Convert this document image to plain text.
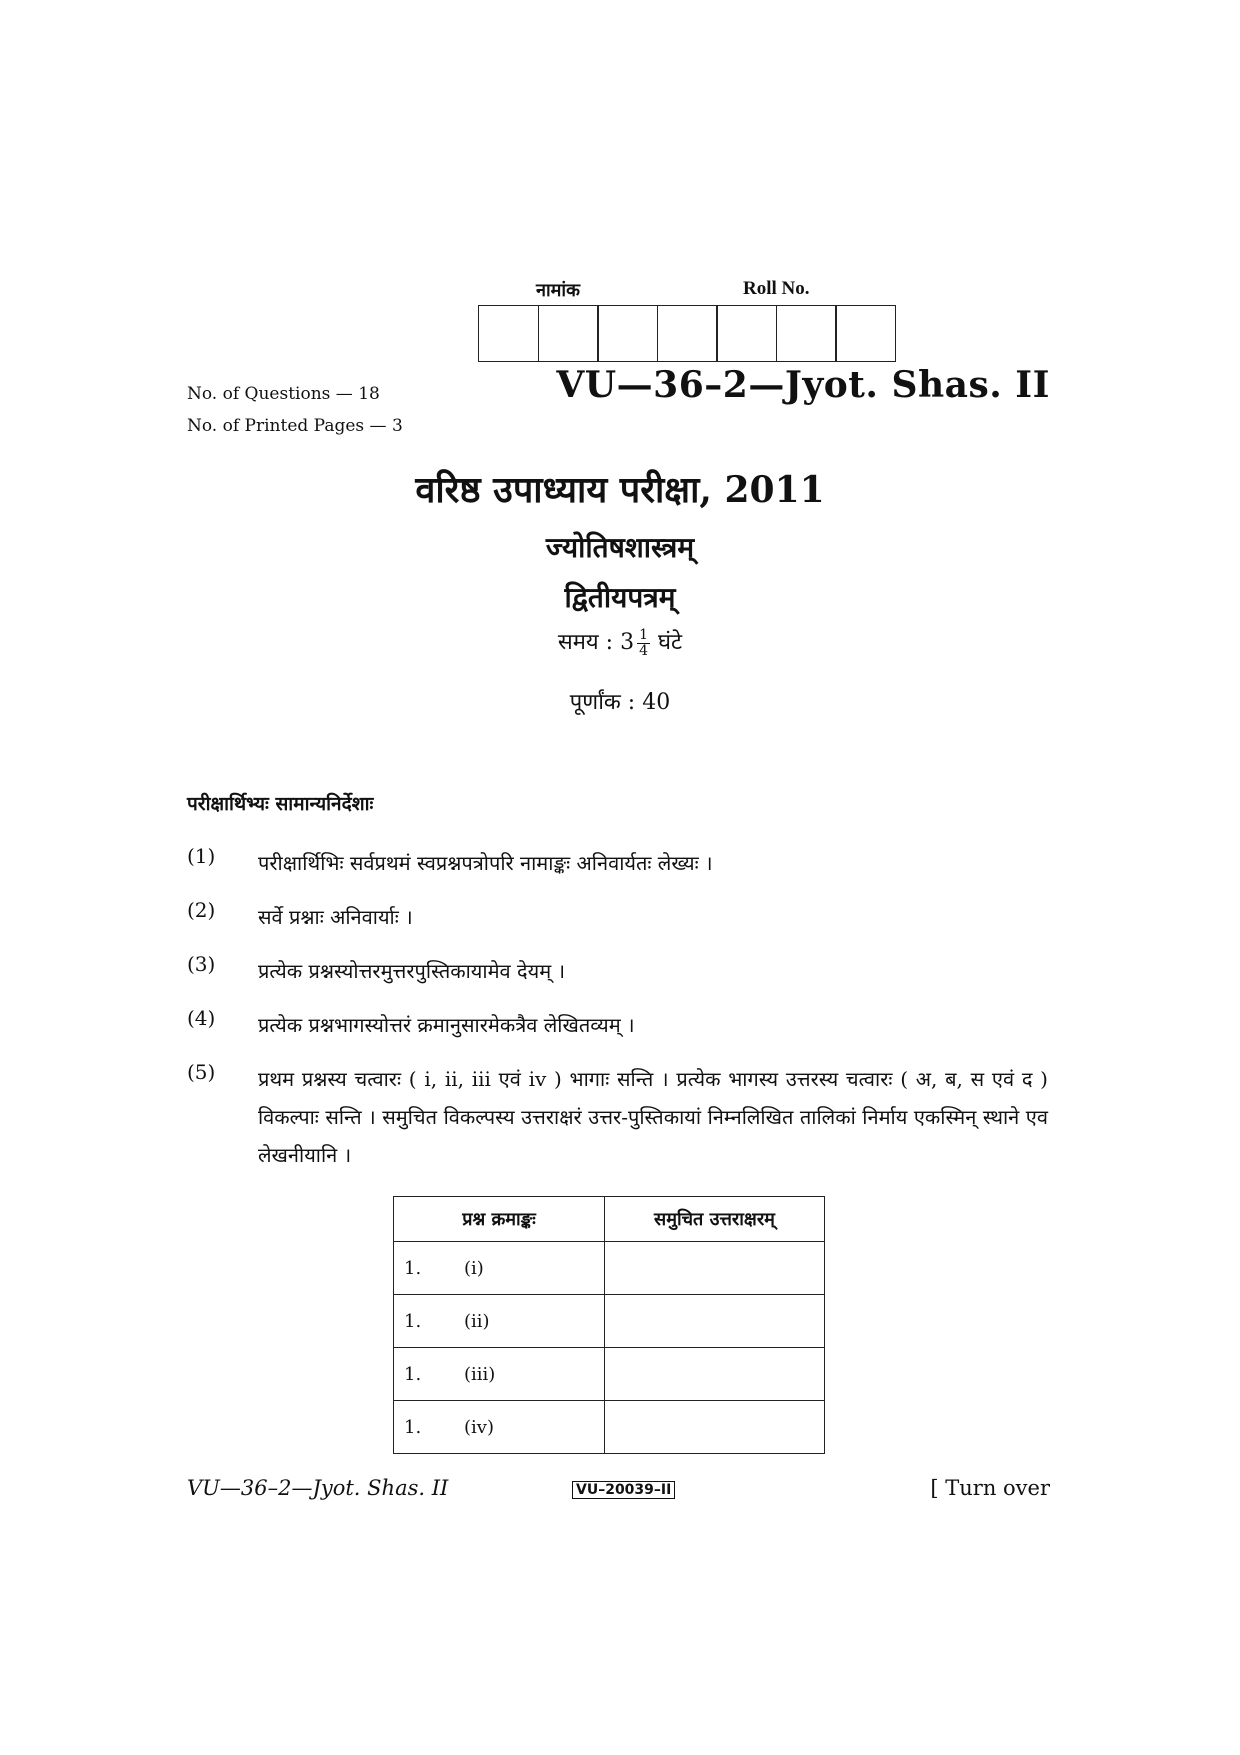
नामांक	Roll No.
No. of Questions — 18
No. of Printed Pages — 3
VU—36–2—Jyot. Shas. II
वरिष्ठ उपाध्याय परीक्षा, 2011
ज्योतिषशास्त्रम्
द्वितीयपत्रम्
समय : $3 \frac{1}{4}$ घंटे
पूर्णांक : 40
परीक्षार्थिभ्यः सामान्यनिर्देशाः
(1) परीक्षार्थिभिः सर्वप्रथमं स्वप्रश्नपत्रोपरि नामाङ्कः अनिवार्यतः लेख्यः ।
(2) सर्वे प्रश्नाः अनिवार्याः ।
(3) प्रत्येक प्रश्नस्योत्तरमुत्तरपुस्तिकायामेव देयम् ।
(4) प्रत्येक प्रश्नभागस्योत्तरं क्रमानुसारमेकत्रैव लेखितव्यम् ।
(5) प्रथम प्रश्नस्य चत्वारः ( i, ii, iii एवं iv ) भागाः सन्ति । प्रत्येक भागस्य उत्तरस्य चत्वारः ( अ, ब, स एवं द ) विकल्पाः सन्ति । समुचित विकल्पस्य उत्तराक्षरं उत्तर-पुस्तिकायां निम्नलिखित तालिकां निर्माय एकस्मिन् स्थाने एव लेखनीयानि ।
प्रश्न क्रमाङ्कः	समुचित उत्तराक्षरम्
1. (i)	
1. (ii)	
1. (iii)	
1. (iv)	
VU—36–2—Jyot. Shas. II	VU–20039–II	[ Turn over
